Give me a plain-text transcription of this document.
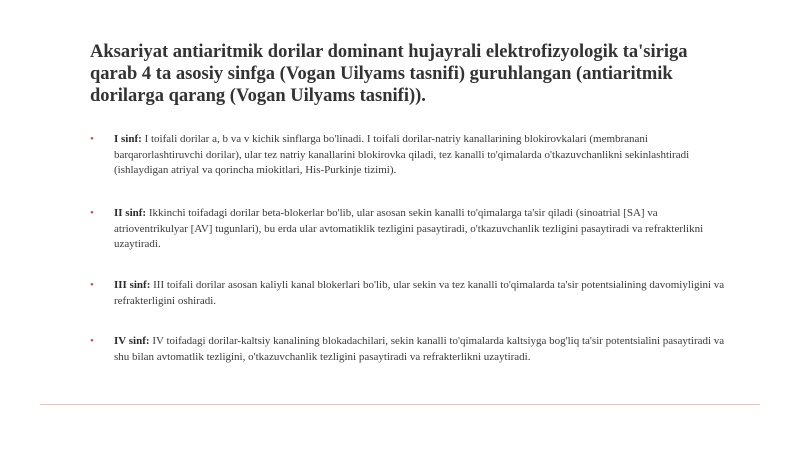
Aksariyat antiaritmik dorilar dominant hujayrali elektrofizyologik ta'siriga qarab 4 ta asosiy sinfga (Vogan Uilyams tasnifi) guruhlangan (antiaritmik dorilarga qarang (Vogan Uilyams tasnifi)).
• I sinf: I toifali dorilar a, b va v kichik sinflarga bo'linadi. I toifali dorilar-natriy kanallarining blokirovkalari (membranani barqarorlashtiruvchi dorilar), ular tez natriy kanallarini blokirovka qiladi, tez kanalli to'qimalarda o'tkazuvchanlikni sekinlashtiradi (ishlaydigan atriyal va qorincha miokitlari, His-Purkinje tizimi).
• II sinf: Ikkinchi toifadagi dorilar beta-blokerlar bo'lib, ular asosan sekin kanalli to'qimalarga ta'sir qiladi (sinoatrial [SA] va atrioventrikulyar [AV] tugunlari), bu erda ular avtomatiklik tezligini pasaytiradi, o'tkazuvchanlik tezligini pasaytiradi va refrakterlikni uzaytiradi.
• III sinf: III toifali dorilar asosan kaliyli kanal blokerlari bo'lib, ular sekin va tez kanalli to'qimalarda ta'sir potentsialining davomiyligini va refrakterligini oshiradi.
• IV sinf: IV toifadagi dorilar-kaltsiy kanalining blokadachilari, sekin kanalli to'qimalarda kaltsiyga bog'liq ta'sir potentsialini pasaytiradi va shu bilan avtomatlik tezligini, o'tkazuvchanlik tezligini pasaytiradi va refrakterlikni uzaytiradi.
